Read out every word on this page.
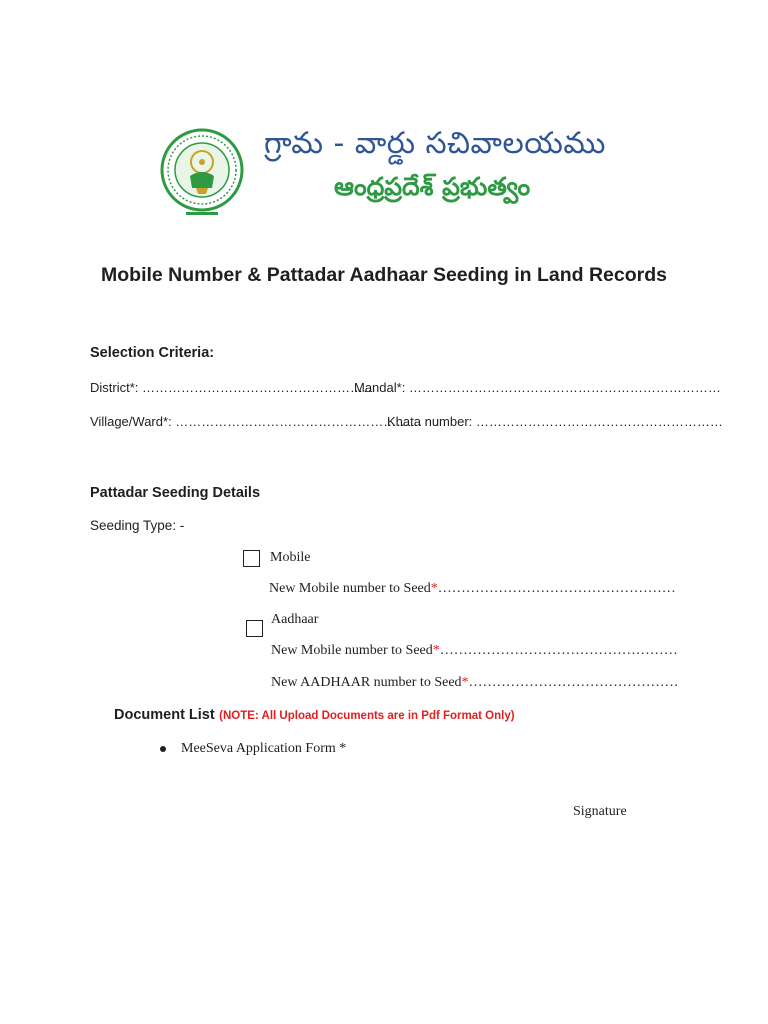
గ్రామ - వార్డు సచివాలయము
ఆంధ్రప్రదేశ్ ప్రభుత్వం
Mobile Number & Pattadar Aadhaar Seeding in Land Records
Selection Criteria:
District*: ………………………………………………
Mandal*: ………………………………………………………………
Village/Ward*: …………………………………………………
Khata number: …………………………………………………
Pattadar Seeding Details
Seeding Type: -
Mobile
New Mobile number to Seed*……………………………………………
Aadhaar
New Mobile number to Seed*……………………………………………
New AADHAAR number to Seed*………………………………………
Document List (NOTE: All Upload Documents are in Pdf Format Only)
MeeSeva Application Form *
Signature
